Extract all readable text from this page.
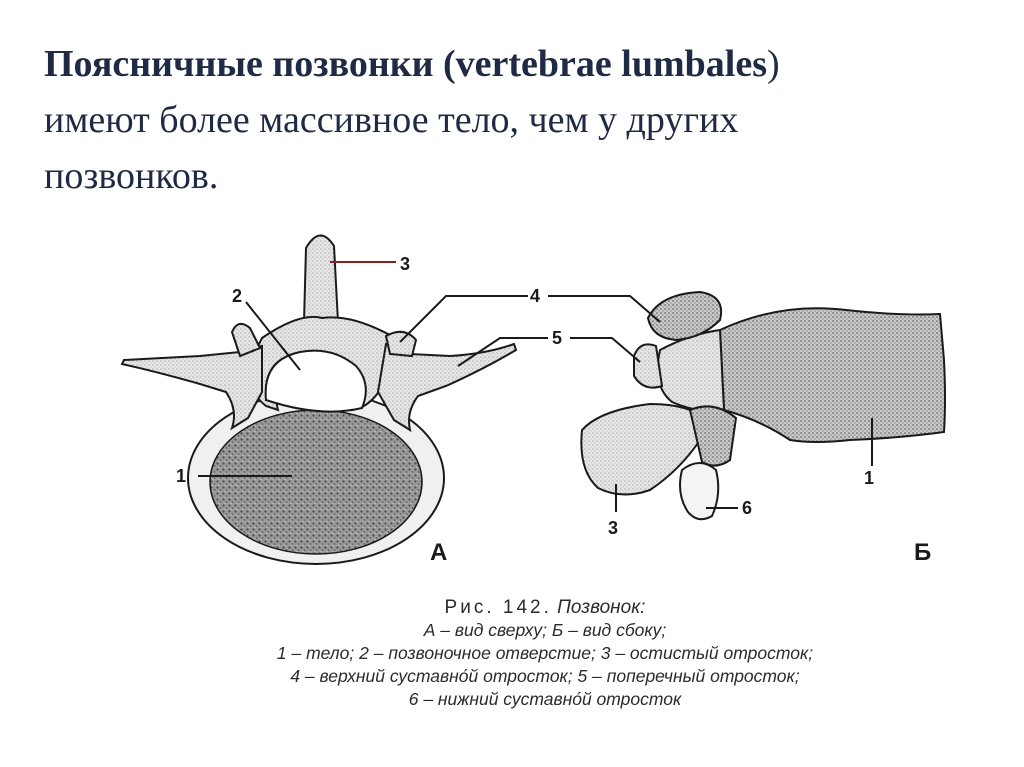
Поясничные позвонки (vertebrae lumbales)
имеют более массивное тело, чем у других
позвонков.
3
2	4
5
1
А
3
6
1
Б
Рис. 142. Позвонок:
А – вид сверху; Б – вид сбоку;
1 – тело; 2 – позвоночное отверстие; 3 – остистый отросток;
4 – верхний суставно́й отросток; 5 – поперечный отросток;
6 – нижний суставно́й отросток
